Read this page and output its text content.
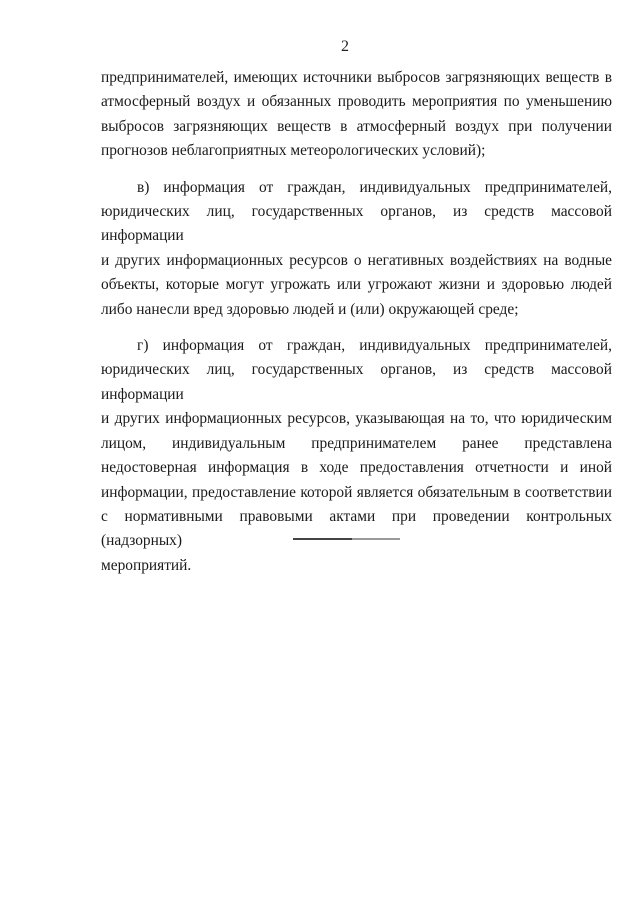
2

предпринимателей, имеющих источники выбросов загрязняющих веществ в
атмосферный воздух и обязанных проводить мероприятия по уменьшению
выбросов загрязняющих веществ в атмосферный воздух при получении
прогнозов неблагоприятных метеорологических условий);

в) информация от граждан, индивидуальных предпринимателей,
юридических лиц, государственных органов, из средств массовой информации
и других информационных ресурсов о негативных воздействиях на водные
объекты, которые могут угрожать или угрожают жизни и здоровью людей
либо нанесли вред здоровью людей и (или) окружающей среде;

г) информация от граждан, индивидуальных предпринимателей,
юридических лиц, государственных органов, из средств массовой информации
и других информационных ресурсов, указывающая на то, что юридическим
лицом, индивидуальным предпринимателем ранее представлена
недостоверная информация в ходе предоставления отчетности и иной
информации, предоставление которой является обязательным в соответствии
с нормативными правовыми актами при проведении контрольных (надзорных)
мероприятий.
